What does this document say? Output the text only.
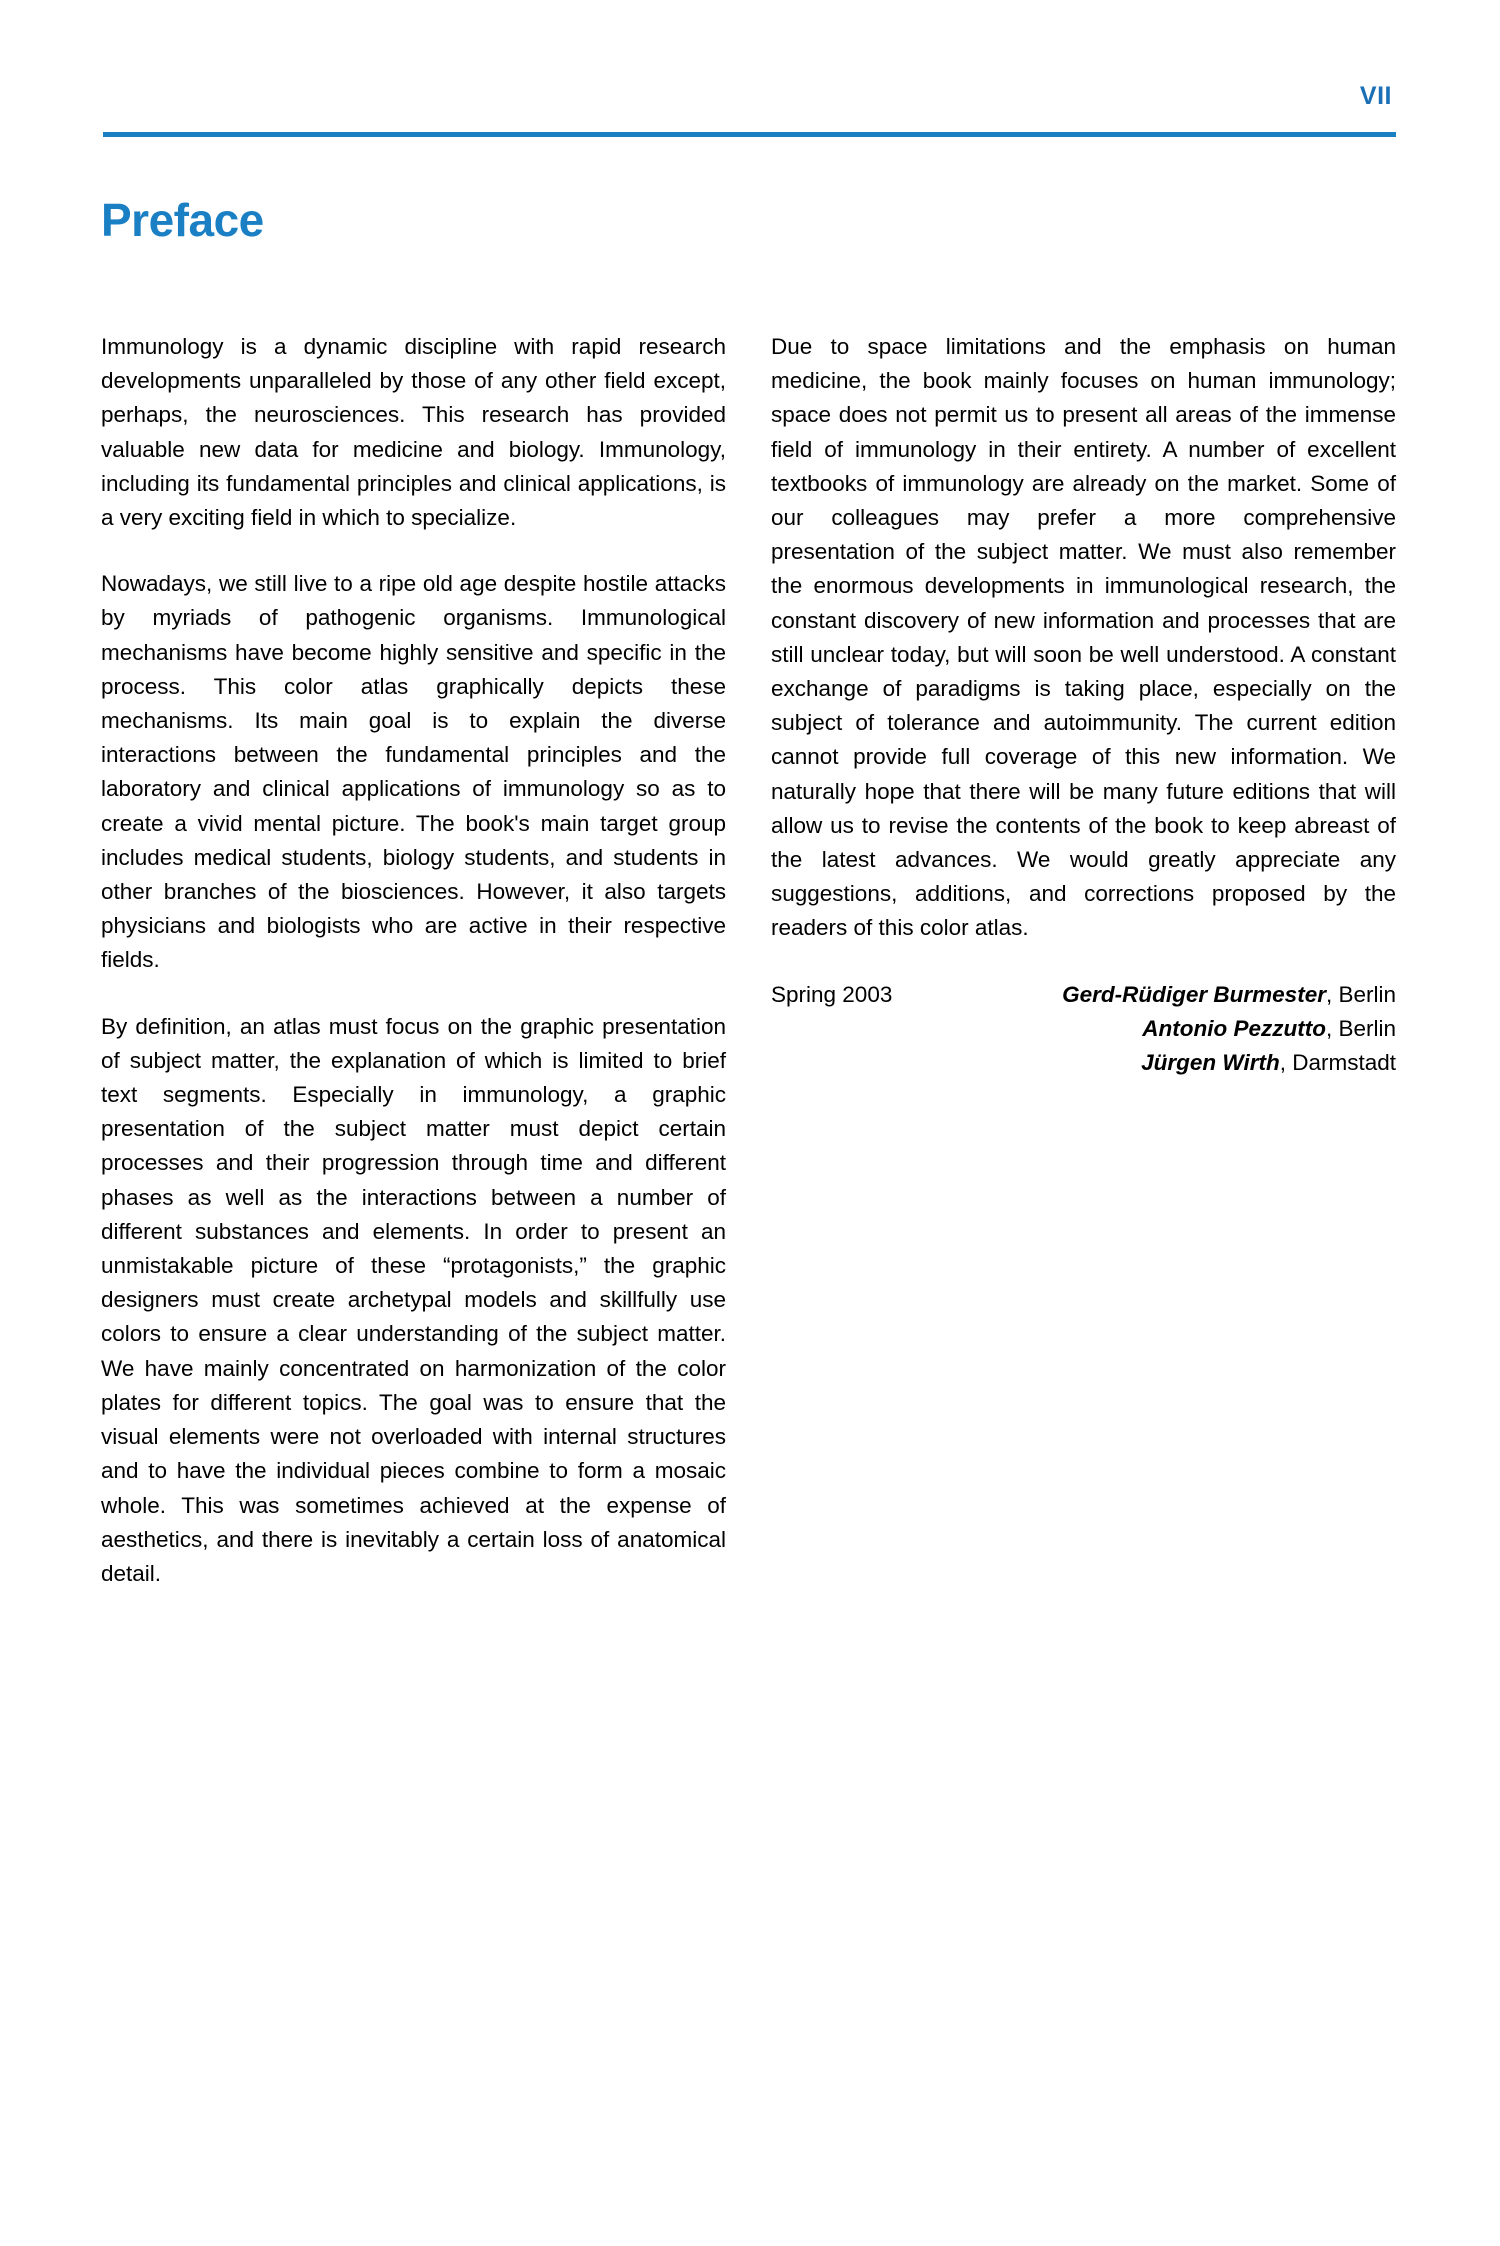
VII
Preface

Immunology is a dynamic discipline with rapid research developments unparalleled by those of any other field except, perhaps, the neurosciences. This research has provided valuable new data for medicine and biology. Immunology, including its fundamental principles and clinical applications, is a very exciting field in which to specialize.

Nowadays, we still live to a ripe old age despite hostile attacks by myriads of pathogenic organisms. Immunological mechanisms have become highly sensitive and specific in the process. This color atlas graphically depicts these mechanisms. Its main goal is to explain the diverse interactions between the fundamental principles and the laboratory and clinical applications of immunology so as to create a vivid mental picture. The book's main target group includes medical students, biology students, and students in other branches of the biosciences. However, it also targets physicians and biologists who are active in their respective fields.

By definition, an atlas must focus on the graphic presentation of subject matter, the explanation of which is limited to brief text segments. Especially in immunology, a graphic presentation of the subject matter must depict certain processes and their progression through time and different phases as well as the interactions between a number of different substances and elements. In order to present an unmistakable picture of these “protagonists,” the graphic designers must create archetypal models and skillfully use colors to ensure a clear understanding of the subject matter. We have mainly concentrated on harmonization of the color plates for different topics. The goal was to ensure that the visual elements were not overloaded with internal structures and to have the individual pieces combine to form a mosaic whole. This was sometimes achieved at the expense of aesthetics, and there is inevitably a certain loss of anatomical detail.

Due to space limitations and the emphasis on human medicine, the book mainly focuses on human immunology; space does not permit us to present all areas of the immense field of immunology in their entirety. A number of excellent textbooks of immunology are already on the market. Some of our colleagues may prefer a more comprehensive presentation of the subject matter. We must also remember the enormous developments in immunological research, the constant discovery of new information and processes that are still unclear today, but will soon be well understood. A constant exchange of paradigms is taking place, especially on the subject of tolerance and autoimmunity. The current edition cannot provide full coverage of this new information. We naturally hope that there will be many future editions that will allow us to revise the contents of the book to keep abreast of the latest advances. We would greatly appreciate any suggestions, additions, and corrections proposed by the readers of this color atlas.

Spring 2003	Gerd-Rüdiger Burmester, Berlin
Antonio Pezzutto, Berlin
Jürgen Wirth, Darmstadt
